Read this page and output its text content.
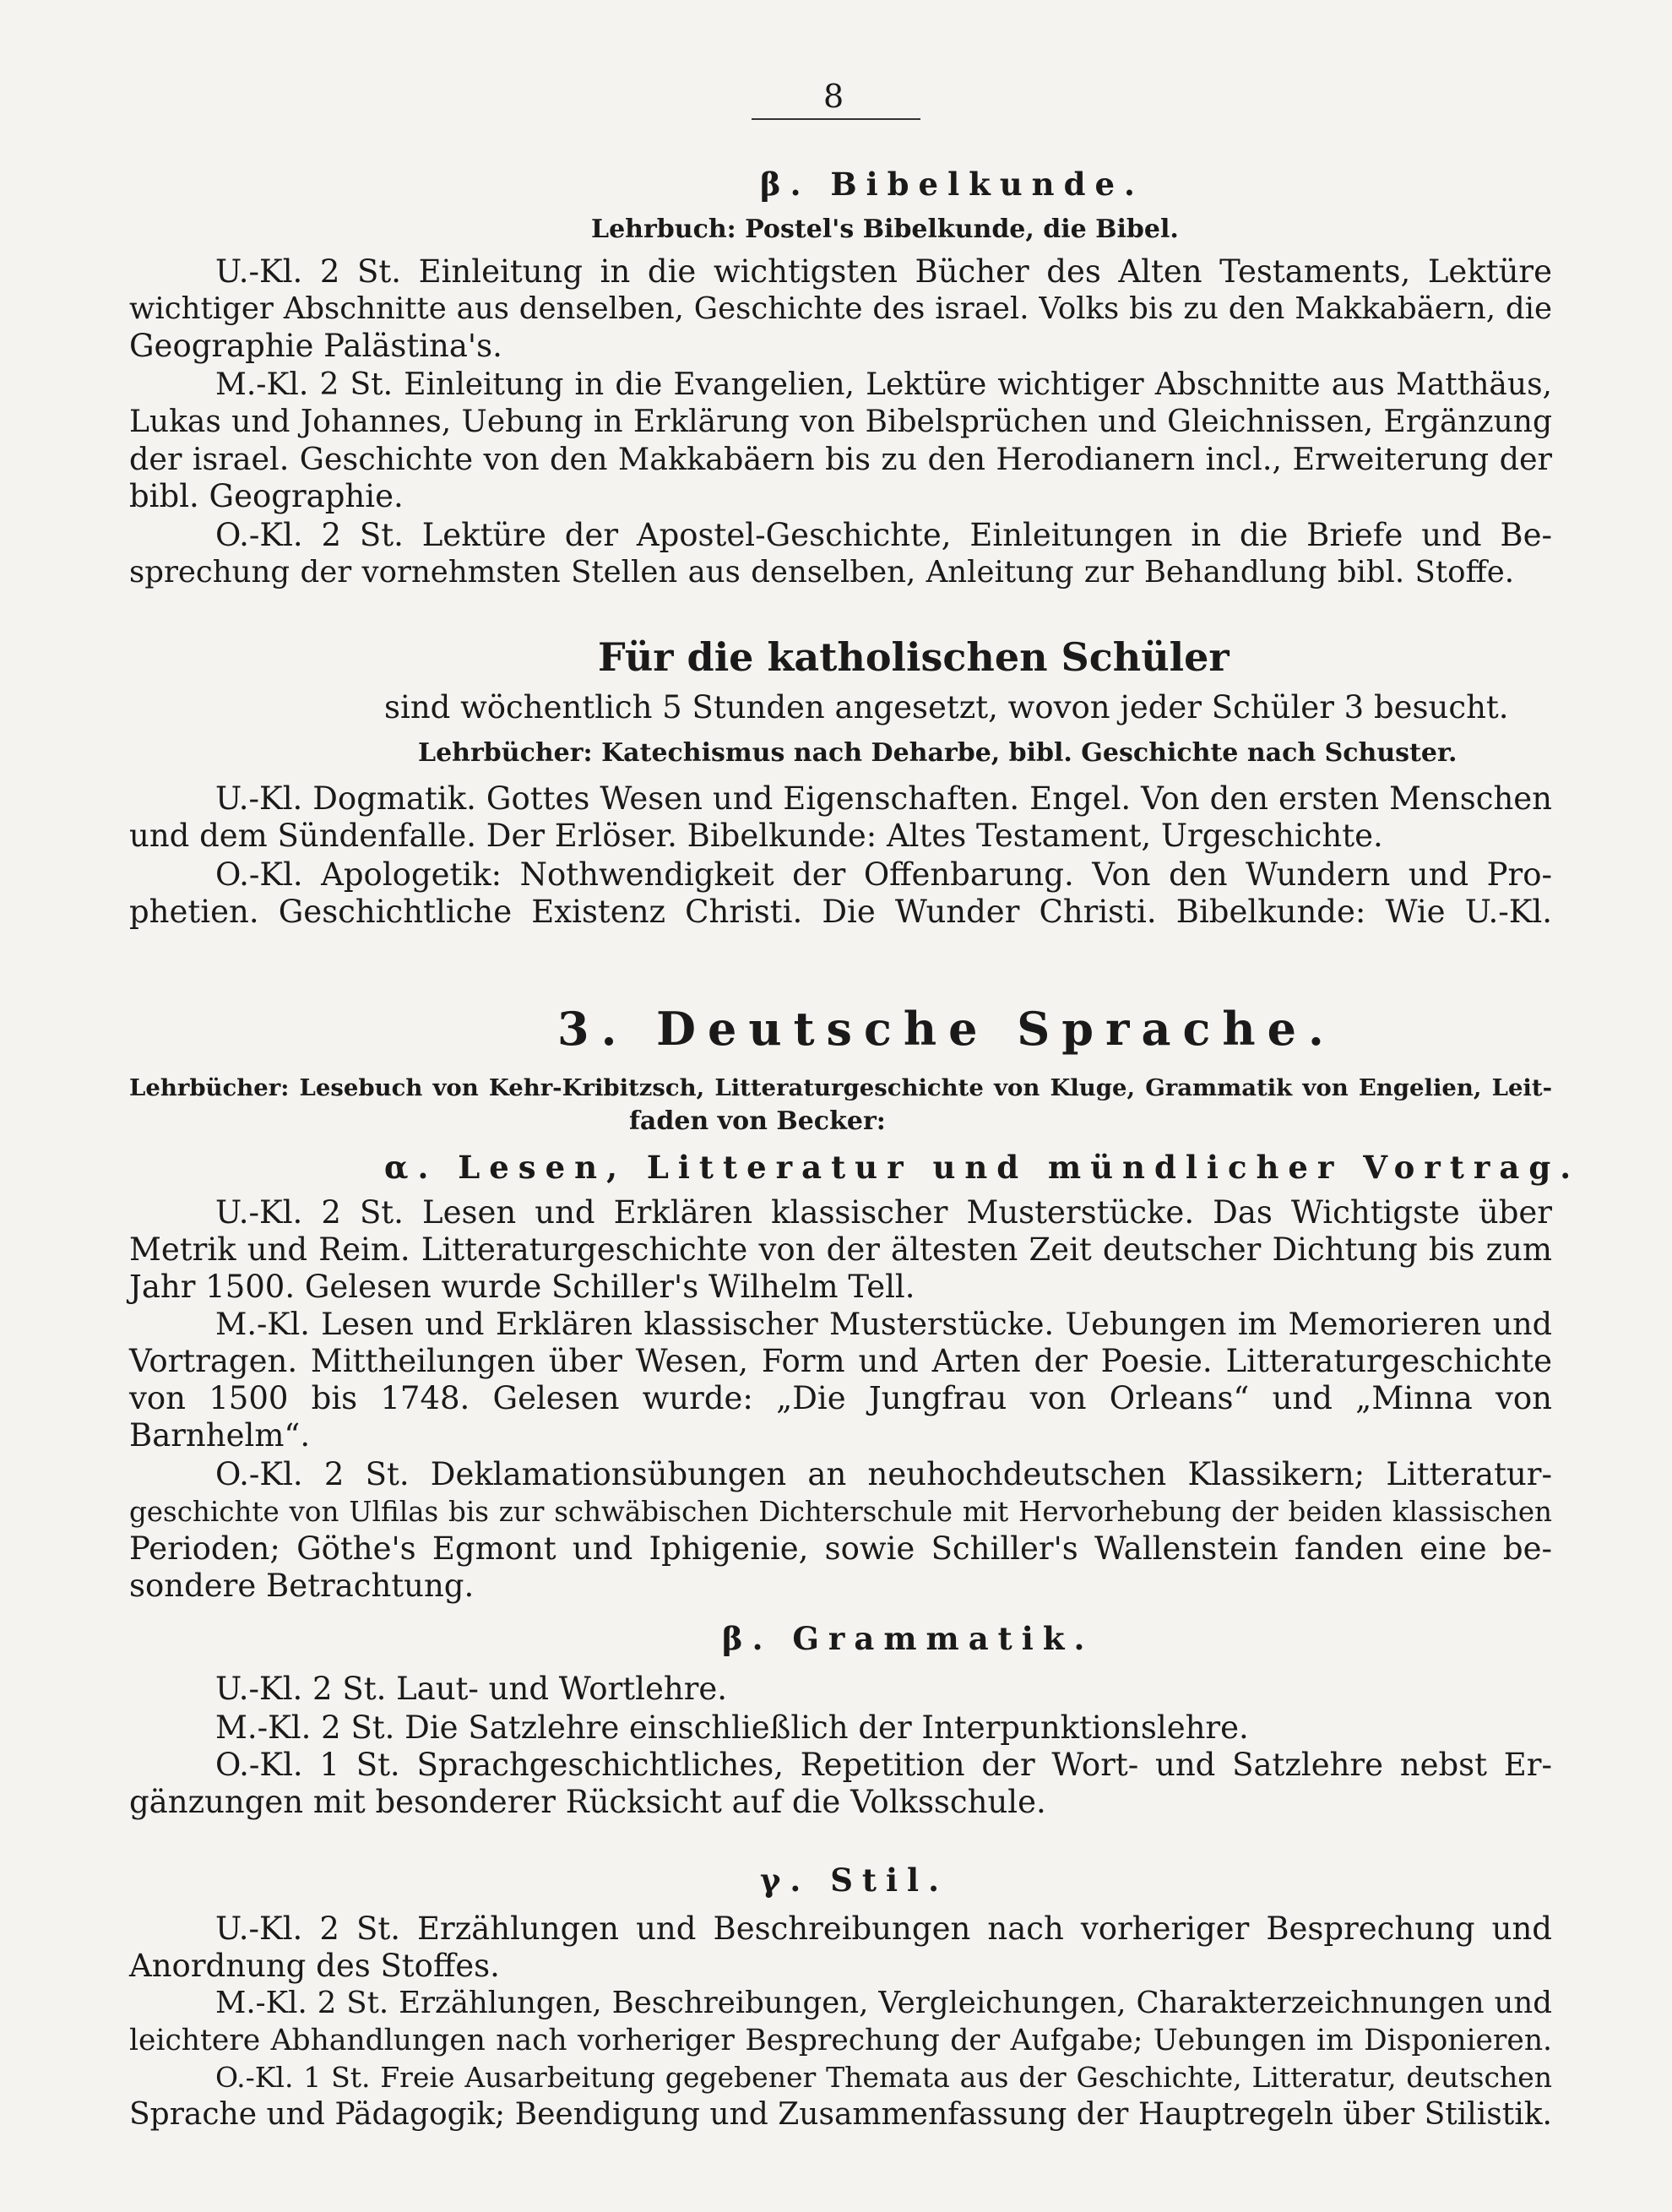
8
β. Bibelkunde.
Lehrbuch: Postel's Bibelkunde, die Bibel.
U.-Kl. 2 St. Einleitung in die wichtigsten Bücher des Alten Testaments, Lektüre
wichtiger Abschnitte aus denselben, Geschichte des israel. Volks bis zu den Makkabäern, die
Geographie Palästina's.
M.-Kl. 2 St. Einleitung in die Evangelien, Lektüre wichtiger Abschnitte aus Matthäus,
Lukas und Johannes, Uebung in Erklärung von Bibelsprüchen und Gleichnissen, Ergänzung
der israel. Geschichte von den Makkabäern bis zu den Herodianern incl., Erweiterung der
bibl. Geographie.
O.-Kl. 2 St. Lektüre der Apostel-Geschichte, Einleitungen in die Briefe und Be-
sprechung der vornehmsten Stellen aus denselben, Anleitung zur Behandlung bibl. Stoffe.
Für die katholischen Schüler
sind wöchentlich 5 Stunden angesetzt, wovon jeder Schüler 3 besucht.
Lehrbücher: Katechismus nach Deharbe, bibl. Geschichte nach Schuster.
U.-Kl. Dogmatik. Gottes Wesen und Eigenschaften. Engel. Von den ersten Menschen
und dem Sündenfalle. Der Erlöser. Bibelkunde: Altes Testament, Urgeschichte.
O.-Kl. Apologetik: Nothwendigkeit der Offenbarung. Von den Wundern und Pro-
phetien. Geschichtliche Existenz Christi. Die Wunder Christi. Bibelkunde: Wie U.-Kl.
3. Deutsche Sprache.
Lehrbücher: Lesebuch von Kehr-Kribitzsch, Litteraturgeschichte von Kluge, Grammatik von Engelien, Leit-
faden von Becker:
α. Lesen, Litteratur und mündlicher Vortrag.
U.-Kl. 2 St. Lesen und Erklären klassischer Musterstücke. Das Wichtigste über
Metrik und Reim. Litteraturgeschichte von der ältesten Zeit deutscher Dichtung bis zum
Jahr 1500. Gelesen wurde Schiller's Wilhelm Tell.
M.-Kl. Lesen und Erklären klassischer Musterstücke. Uebungen im Memorieren und
Vortragen. Mittheilungen über Wesen, Form und Arten der Poesie. Litteraturgeschichte
von 1500 bis 1748. Gelesen wurde: „Die Jungfrau von Orleans“ und „Minna von
Barnhelm“.
O.-Kl. 2 St. Deklamationsübungen an neuhochdeutschen Klassikern; Litteratur-
geschichte von Ulfilas bis zur schwäbischen Dichterschule mit Hervorhebung der beiden klassischen
Perioden; Göthe's Egmont und Iphigenie, sowie Schiller's Wallenstein fanden eine be-
sondere Betrachtung.
β. Grammatik.
U.-Kl. 2 St. Laut- und Wortlehre.
M.-Kl. 2 St. Die Satzlehre einschließlich der Interpunktionslehre.
O.-Kl. 1 St. Sprachgeschichtliches, Repetition der Wort- und Satzlehre nebst Er-
gänzungen mit besonderer Rücksicht auf die Volksschule.
γ. Stil.
U.-Kl. 2 St. Erzählungen und Beschreibungen nach vorheriger Besprechung und
Anordnung des Stoffes.
M.-Kl. 2 St. Erzählungen, Beschreibungen, Vergleichungen, Charakterzeichnungen und
leichtere Abhandlungen nach vorheriger Besprechung der Aufgabe; Uebungen im Disponieren.
O.-Kl. 1 St. Freie Ausarbeitung gegebener Themata aus der Geschichte, Litteratur, deutschen
Sprache und Pädagogik; Beendigung und Zusammenfassung der Hauptregeln über Stilistik.
